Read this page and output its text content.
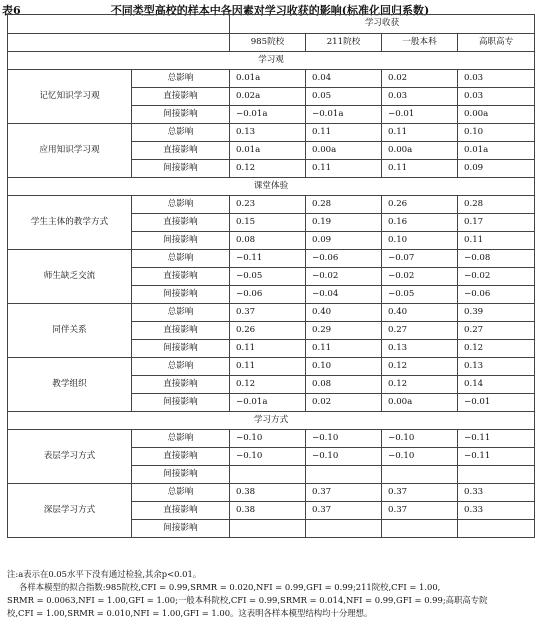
表6	不同类型高校的样本中各因素对学习收获的影响(标准化回归系数)
		学习收获			
		985院校	211院校	一般本科	高职高专
学习观					
记忆知识学习观	总影响	0.01a	0.04	0.02	0.03
	直接影响	0.02a	0.05	0.03	0.03
	间接影响	−0.01a	−0.01a	−0.01	0.00a
应用知识学习观	总影响	0.13	0.11	0.11	0.10
	直接影响	0.01a	0.00a	0.00a	0.01a
	间接影响	0.12	0.11	0.11	0.09
课堂体验					
学生主体的教学方式	总影响	0.23	0.28	0.26	0.28
	直接影响	0.15	0.19	0.16	0.17
	间接影响	0.08	0.09	0.10	0.11
师生缺乏交流	总影响	−0.11	−0.06	−0.07	−0.08
	直接影响	−0.05	−0.02	−0.02	−0.02
	间接影响	−0.06	−0.04	−0.05	−0.06
同伴关系	总影响	0.37	0.40	0.40	0.39
	直接影响	0.26	0.29	0.27	0.27
	间接影响	0.11	0.11	0.13	0.12
教学组织	总影响	0.11	0.10	0.12	0.13
	直接影响	0.12	0.08	0.12	0.14
	间接影响	−0.01a	0.02	0.00a	−0.01
学习方式					
表层学习方式	总影响	−0.10	−0.10	−0.10	−0.11
	直接影响	−0.10	−0.10	−0.10	−0.11
	间接影响				
深层学习方式	总影响	0.38	0.37	0.37	0.33
	直接影响	0.38	0.37	0.37	0.33
	间接影响				
注:a表示在0.05水平下没有通过检验,其余p<0.01。
各样本模型的拟合指数:985院校,CFI = 0.99,SRMR = 0.020,NFI = 0.99,GFI = 0.99;211院校,CFI = 1.00,
SRMR = 0.0063,NFI = 1.00,GFI = 1.00;一般本科院校,CFI = 0.99,SRMR = 0.014,NFI = 0.99,GFI = 0.99;高职高专院
校,CFI = 1.00,SRMR = 0.010,NFI = 1.00,GFI = 1.00。这表明各样本模型结构均十分理想。
